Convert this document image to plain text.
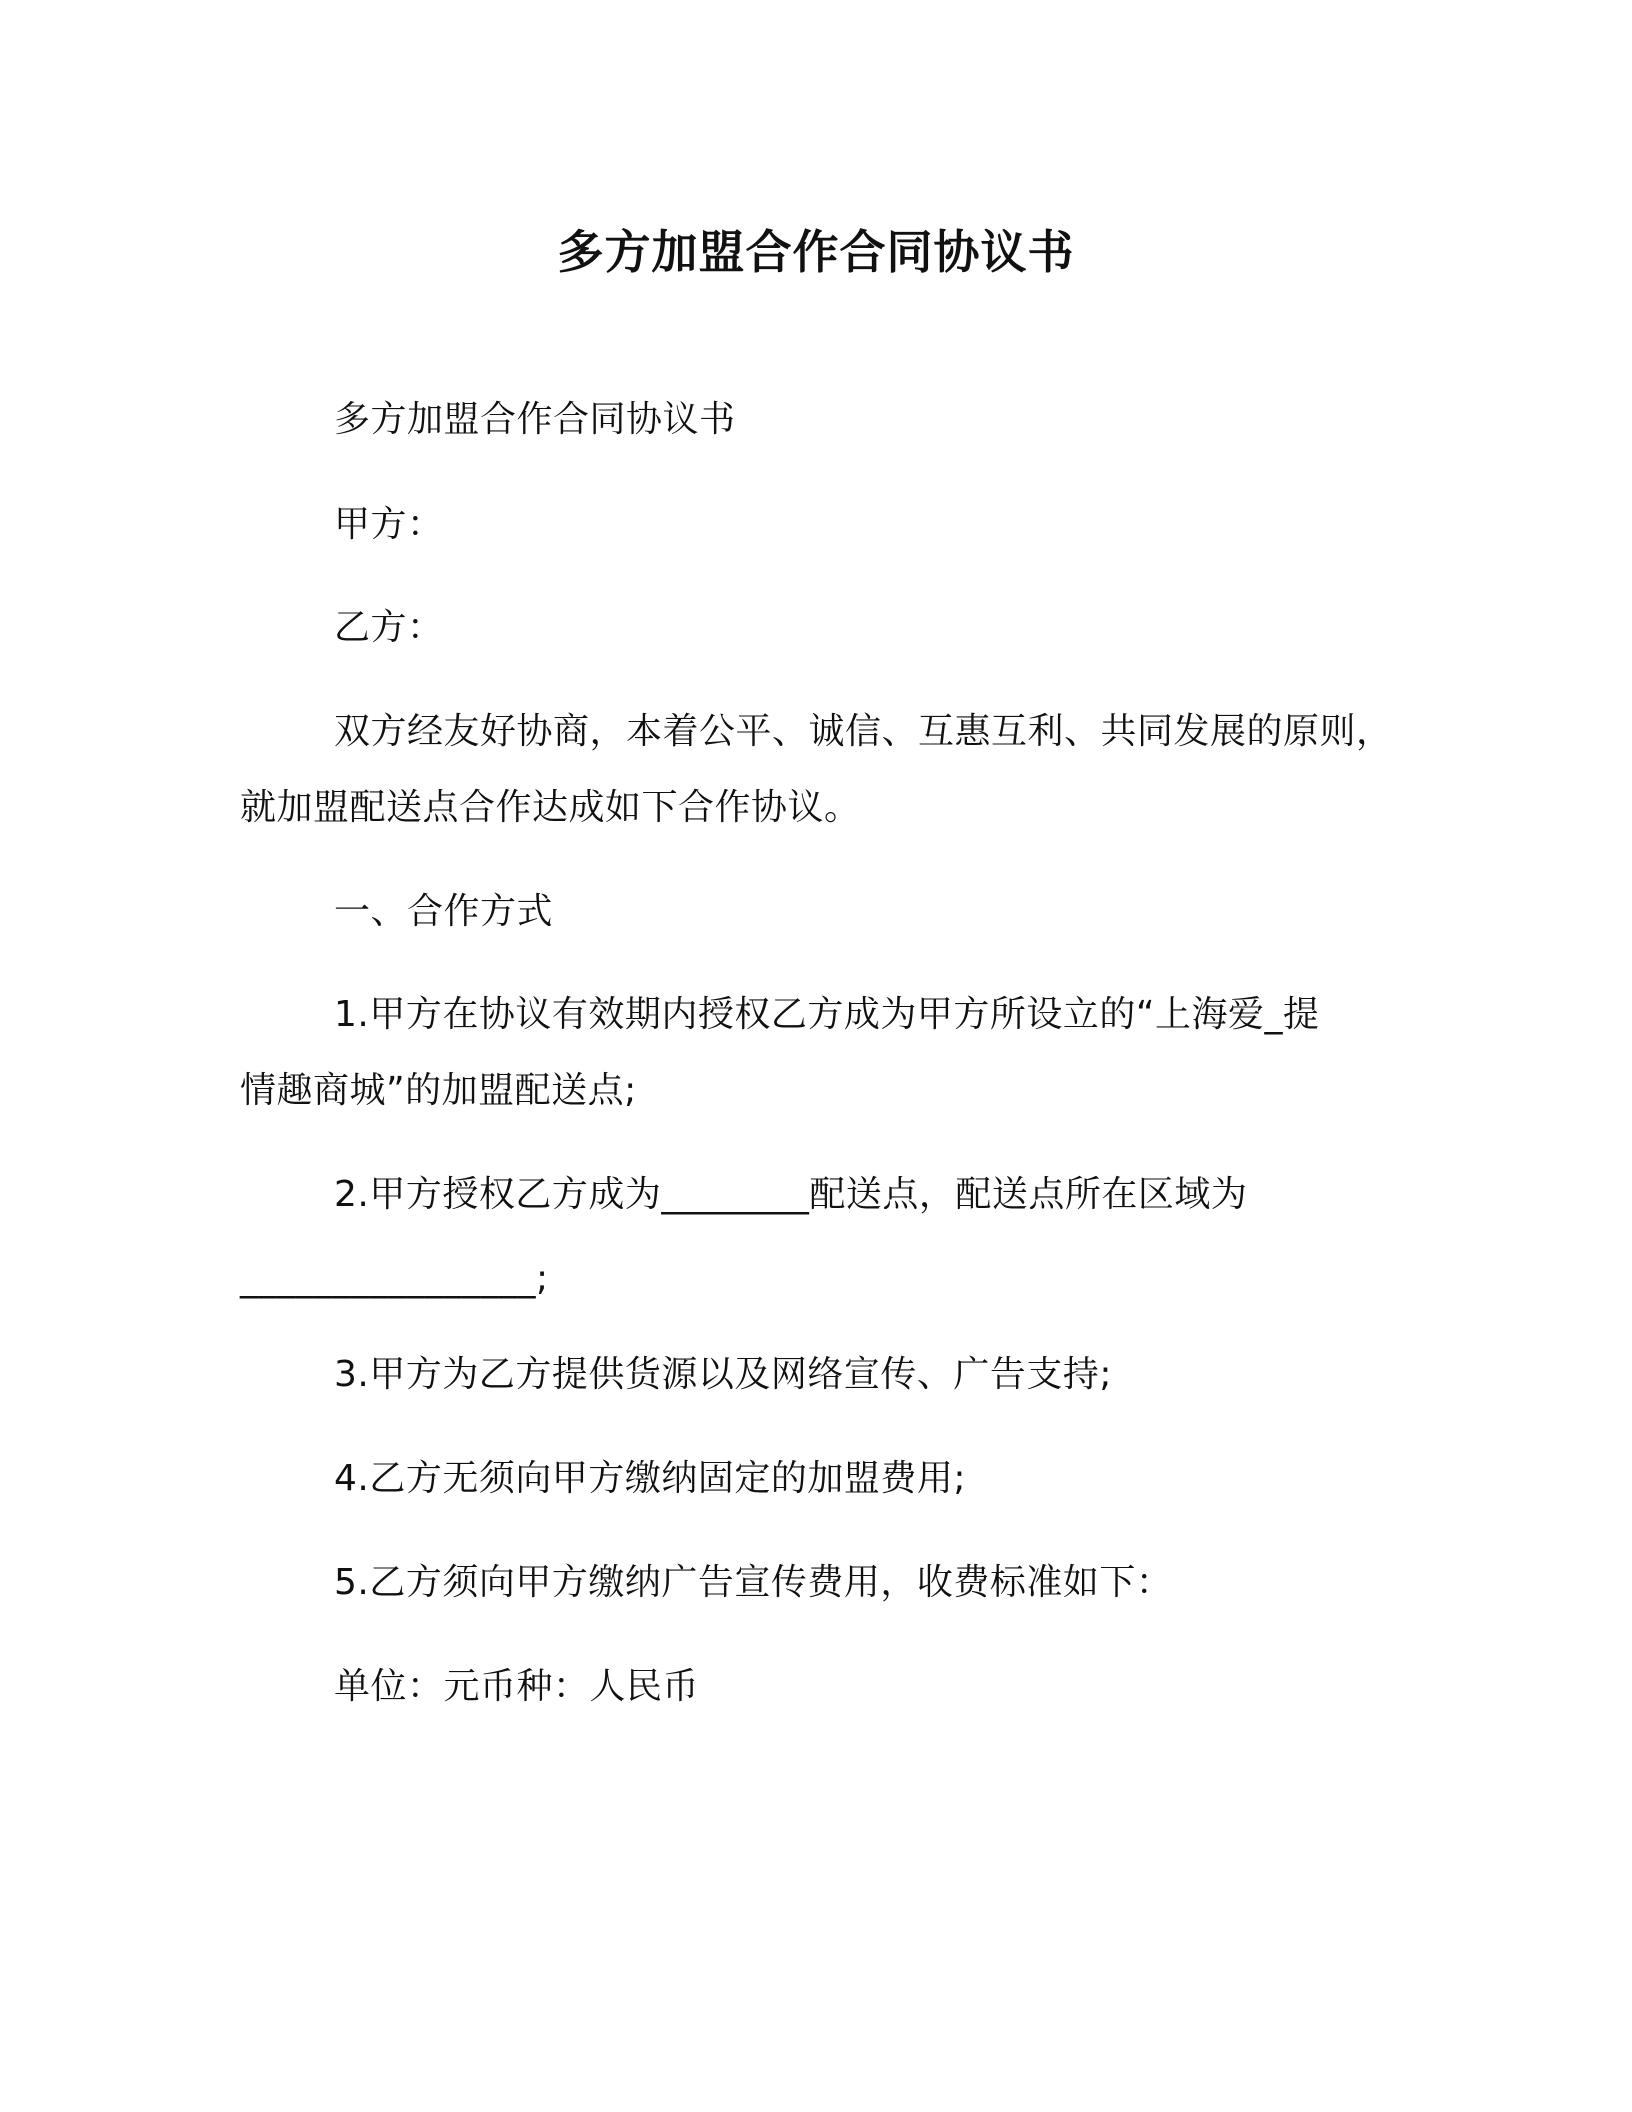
多方加盟合作合同协议书
多方加盟合作合同协议书
甲方：
乙方：
双方经友好协商，本着公平、诚信、互惠互利、共同发展的原则，
就加盟配送点合作达成如下合作协议。
一、合作方式
1.甲方在协议有效期内授权乙方成为甲方所设立的“上海爱_提
情趣商城”的加盟配送点;
2.甲方授权乙方成为________配送点，配送点所在区域为
________________;
3.甲方为乙方提供货源以及网络宣传、广告支持;
4.乙方无须向甲方缴纳固定的加盟费用;
5.乙方须向甲方缴纳广告宣传费用，收费标准如下：
单位：元币种：人民币
